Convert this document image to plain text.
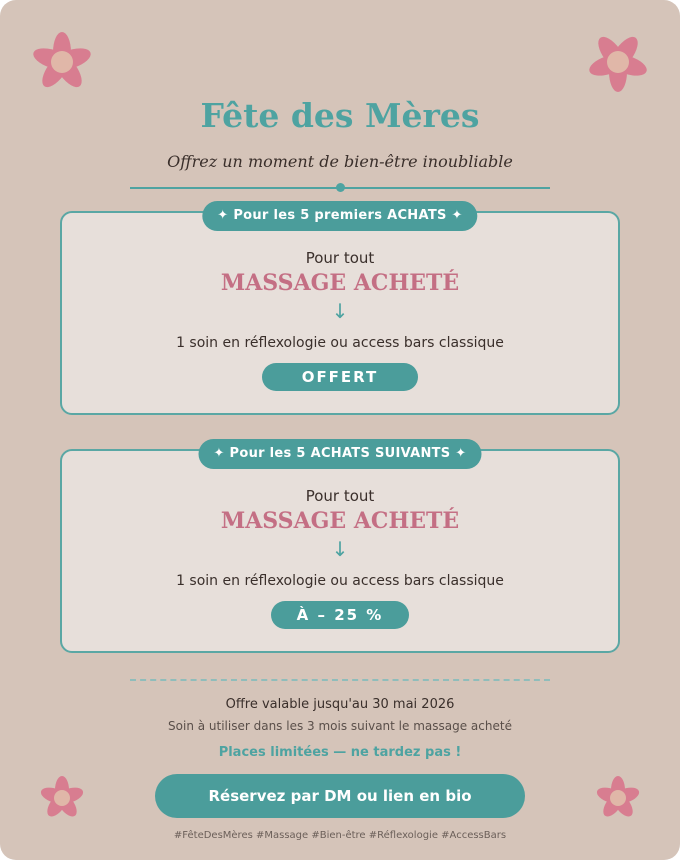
Fête des Mères
Offrez un moment de bien-être inoubliable
✦ Pour les 5 premiers ACHATS ✦
Pour tout
MASSAGE ACHETÉ
↓
1 soin en réflexologie ou access bars classique
OFFERT
✦ Pour les 5 ACHATS SUIVANTS ✦
Pour tout
MASSAGE ACHETÉ
↓
1 soin en réflexologie ou access bars classique
À – 25 %
Offre valable jusqu'au 30 mai 2026
Soin à utiliser dans les 3 mois suivant le massage acheté
Places limitées — ne tardez pas !
Réservez par DM ou lien en bio
#FêteDesMères #Massage #Bien-être #Réflexologie #AccessBars
